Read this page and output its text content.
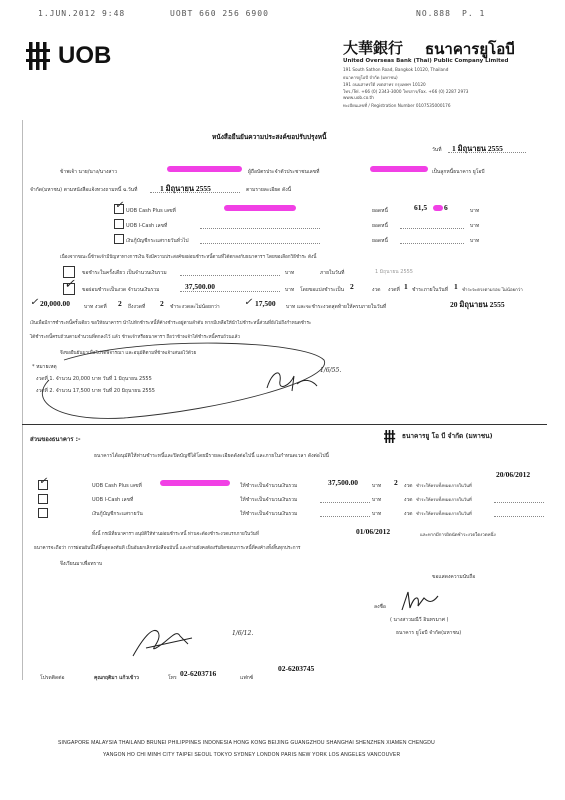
1.JUN.2012 9:48	UOBT 660 256 6900	NO.888 P. 1
UOB	大華銀行 ธนาคารยูโอบี
United Overseas Bank (Thai) Public Company Limited
191 South Sathon Road, Bangkok 10120, Thailand
ธนาคารยูโอบี จำกัด (มหาชน)
191 ถนนสาทรใต้ เขตสาทร กรุงเทพฯ 10120
โทร./Tel. +66 (0) 2343-3000 โทรสาร/Fax. +66 (0) 2287 2973
www.uob.co.th
ทะเบียนเลขที่ / Registration Number 0107535000176
หนังสือยืนยันความประสงค์ขอปรับปรุงหนี้
วันที่ 1 มิถุนายน 2555
ข้าพเจ้า นาย/นาง/นางสาว	ผู้ถือบัตรประจำตัวประชาชนเลขที่	เป็นลูกหนี้ธนาคาร ยูโอบี
จำกัด(มหาชน) ตามหนังสือแจ้งทวงถามหนี้ ฉ.วันที่	1 มิถุนายน 2555	ตามรายละเอียด ดังนี้
✓ UOB Cash Plus เลขที่	ยอดหนี้	61,5 6	บาท
UOB I-Cash เลขที่	ยอดหนี้	บาท
เงินกู้บัญชีกระแสรายวันทั่วไป	ยอดหนี้	บาท
เนื่องจากขณะนี้ข้าพเจ้ามีปัญหาทางการเงิน จึงมีความประสงค์ขอผ่อนชำระหนี้ตามที่ได้ตกลงกับธนาคารฯ โดยขอเลือกวิธีชำระ ดังนี้
ขอชำระในครั้งเดียว เป็นจำนวนเงินรวม	บาท	ภายในวันที่	1 มิถุนายน 2555
✓ ขอผ่อนชำระเป็นงวด จำนวนเงินรวม	37,500.00	บาท โดยขอแบ่งชำระเป็น 2	งวด งวดที่ 1 ชำระภายในวันที่ 1 ชำระจะตรงตามรอบ ไม่น้อยกว่า
✓ 20,000.00	บาท งวดที่ 2 ถึงงวดที่ 2 ชำระงวดละไม่น้อยกว่า ✓ 17,500 บาท และจะชำระงวดสุดท้ายให้ครบภายในวันที่	20 มิถุนายน 2555
เงินเพื่อมีการชำระหนี้ครั้งเดียว ขอให้ธนาคารฯ นำไปหักชำระหนี้ที่ค้างชำระอยู่ตามลำดับ หากมีเหลือให้นำไปชำระหนี้ส่วนที่ยังไม่ถึงกำหนดชำระ
ได้ชำระหนี้ครบถ้วนตามจำนวนที่ตกลงไว้ แล้ว ข้าพเจ้าหรือธนาคารฯ ถือว่าข้าพเจ้าได้ชำระหนี้ครบถ้วนแล้ว
จึงขอยืนยันมาเพื่อโปรดพิจารณา และอนุมัติตามที่ข้าพเจ้าเสนอไว้ด้วย
* หมายเหตุ
งวดที่ 1. จำนวน 20,000 บาท วันที่ 1 มิถุนายน 2555
งวดที่ 2. จำนวน 17,500 บาท วันที่ 20 มิถุนายน 2555
1/6/55.
ส่วนของธนาคาร :-	ธนาคารยู โอ บี จำกัด (มหาชน)
ธนาคารได้อนุมัติให้ท่านชำระหนี้และปิดบัญชีได้โดยมีรายละเอียดดังต่อไปนี้ และภายในกำหนดเวลา ดังต่อไปนี้
✓	UOB Cash Plus เลขที่	ให้ชำระเป็นจำนวนเงินรวม	37,500.00	บาท 2 งวด ชำระให้ครบทั้งหมดภายในวันที่
20/06/2012
UOB I-Cash เลขที่	ให้ชำระเป็นจำนวนเงินรวม	บาท	งวด ชำระให้ครบทั้งหมดภายในวันที่
เงินกู้บัญชีกระแสรายวัน	ให้ชำระเป็นจำนวนเงินรวม	บาท	งวด ชำระให้ครบทั้งหมดภายในวันที่
ทั้งนี้ กรณีที่ธนาคารฯ อนุมัติให้ท่านผ่อนชำระหนี้ ท่านจะต้องชำระงวดแรกภายในวันที่	01/06/2012	และหากมีการผิดนัดชำระงวดใดงวดหนึ่ง
ธนาคารจะถือว่า การผ่อนผันนี้ได้สิ้นสุดลงทันที เป็นอันยกเลิกหนังสือฉบับนี้ และท่านยังคงต้องรับผิดชอบภาระหนี้ที่คงค้างทั้งสิ้นทุกประการ
จึงเรียนมาเพื่อทราบ
ขอแสดงความนับถือ
ลงชื่อ
( นางสาวมณีวี อินทรมาศ )
ธนาคาร ยูโอบี จำกัด(มหาชน)
1/6/12.
โปรดติดต่อ	คุณกฤติมา แก้วเข้าว	โทร 02-6203716	แฟกซ์
02-6203745
SINGAPORE MALAYSIA THAILAND BRUNEI PHILIPPINES INDONESIA HONG KONG BEIJING GUANGZHOU SHANGHAI SHENZHEN XIAMEN CHENGDU
YANGON HO CHI MINH CITY TAIPEI SEOUL TOKYO SYDNEY LONDON PARIS NEW YORK LOS ANGELES VANCOUVER
